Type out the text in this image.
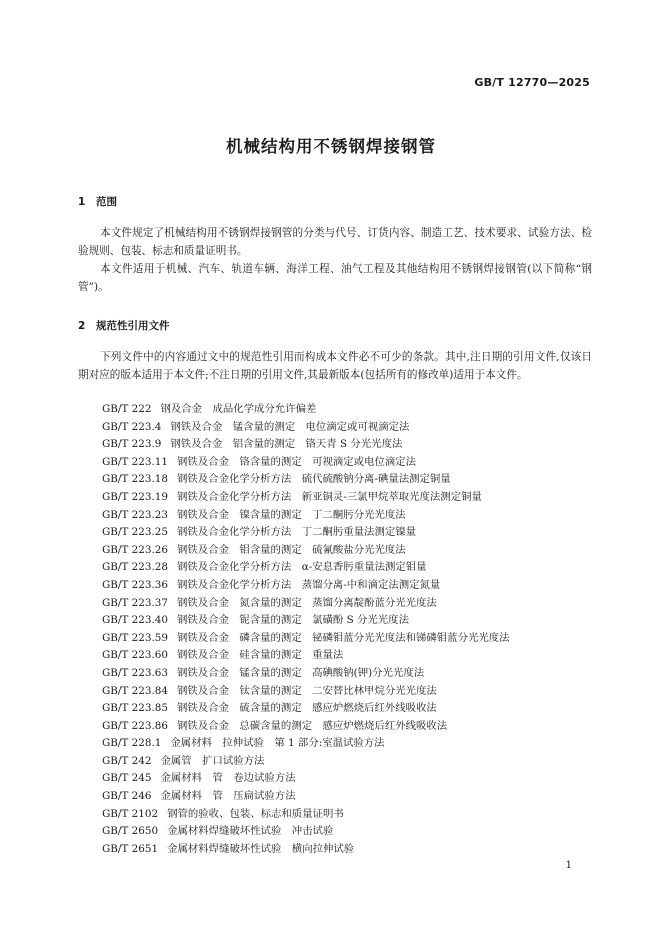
GB/T 12770—2025
机械结构用不锈钢焊接钢管
1 范围
本文件规定了机械结构用不锈钢焊接钢管的分类与代号、订货内容、制造工艺、技术要求、试验方法、检验规则、包装、标志和质量证明书。
本文件适用于机械、汽车、轨道车辆、海洋工程、油气工程及其他结构用不锈钢焊接钢管(以下简称“钢管”)。
2 规范性引用文件
下列文件中的内容通过文中的规范性引用而构成本文件必不可少的条款。其中,注日期的引用文件,仅该日期对应的版本适用于本文件;不注日期的引用文件,其最新版本(包括所有的修改单)适用于本文件。
GB/T 222 钢及合金　成品化学成分允许偏差
GB/T 223.4 钢铁及合金　锰含量的测定　电位滴定或可视滴定法
GB/T 223.9 钢铁及合金　铝含量的测定　铬天青 S 分光光度法
GB/T 223.11 钢铁及合金　铬含量的测定　可视滴定或电位滴定法
GB/T 223.18 钢铁及合金化学分析方法　硫代硫酸钠分离-碘量法测定铜量
GB/T 223.19 钢铁及合金化学分析方法　新亚铜灵-三氯甲烷萃取光度法测定铜量
GB/T 223.23 钢铁及合金　镍含量的测定　丁二酮肟分光光度法
GB/T 223.25 钢铁及合金化学分析方法　丁二酮肟重量法测定镍量
GB/T 223.26 钢铁及合金　钼含量的测定　硫氰酸盐分光光度法
GB/T 223.28 钢铁及合金化学分析方法　α-安息香肟重量法测定钼量
GB/T 223.36 钢铁及合金化学分析方法　蒸馏分离-中和滴定法测定氮量
GB/T 223.37 钢铁及合金　氮含量的测定　蒸馏分离靛酚蓝分光光度法
GB/T 223.40 钢铁及合金　铌含量的测定　氯磺酚 S 分光光度法
GB/T 223.59 钢铁及合金　磷含量的测定　铋磷钼蓝分光光度法和锑磷钼蓝分光光度法
GB/T 223.60 钢铁及合金　硅含量的测定　重量法
GB/T 223.63 钢铁及合金　锰含量的测定　高碘酸钠(钾)分光光度法
GB/T 223.84 钢铁及合金　钛含量的测定　二安替比林甲烷分光光度法
GB/T 223.85 钢铁及合金　硫含量的测定　感应炉燃烧后红外线吸收法
GB/T 223.86 钢铁及合金　总碳含量的测定　感应炉燃烧后红外线吸收法
GB/T 228.1 金属材料　拉伸试验　第 1 部分:室温试验方法
GB/T 242 金属管　扩口试验方法
GB/T 245 金属材料　管　卷边试验方法
GB/T 246 金属材料　管　压扁试验方法
GB/T 2102 钢管的验收、包装、标志和质量证明书
GB/T 2650 金属材料焊缝破坏性试验　冲击试验
GB/T 2651 金属材料焊缝破坏性试验　横向拉伸试验
1
